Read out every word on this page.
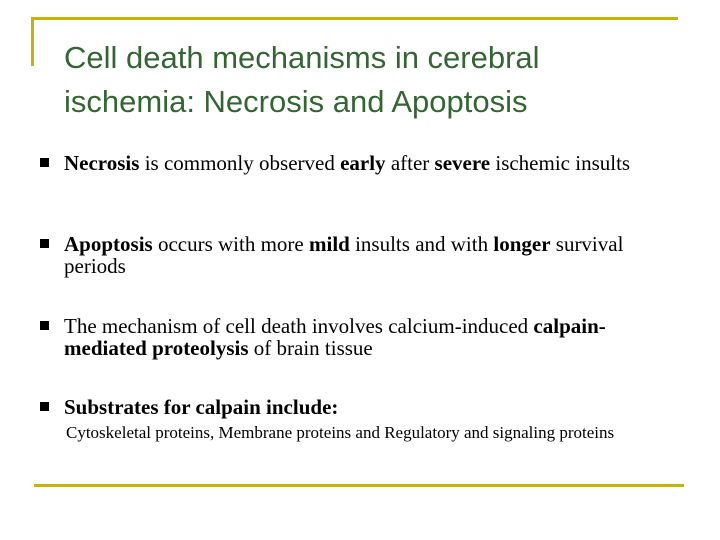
Cell death mechanisms in cerebral
ischemia: Necrosis and Apoptosis
Necrosis is commonly observed early after severe ischemic insults
Apoptosis occurs with more mild insults and with longer survival periods
The mechanism of cell death involves calcium-induced calpain-mediated proteolysis of brain tissue
Substrates for calpain include:
Cytoskeletal proteins, Membrane proteins and Regulatory and signaling proteins
